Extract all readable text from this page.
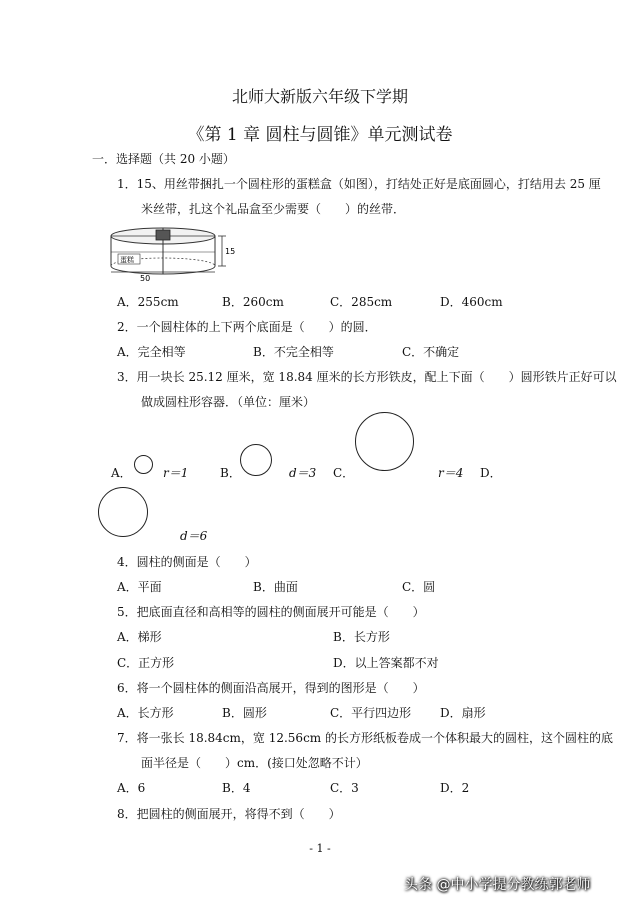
北师大新版六年级下学期
《第 1 章 圆柱与圆锥》单元测试卷
一．选择题（共 20 小题）
1．15、用丝带捆扎一个圆柱形的蛋糕盒（如图），打结处正好是底面圆心，打结用去 25 厘
米丝带，扎这个礼品盒至少需要（　　）的丝带．
蛋糕
15
50
A．255cm	B．260cm	C．285cm	D．460cm
2．一个圆柱体的上下两个底面是（　　）的圆．
A．完全相等	B．不完全相等	C．不确定
3．用一块长 25.12 厘米，宽 18.84 厘米的长方形铁皮，配上下面（　　）圆形铁片正好可以
做成圆柱形容器．（单位：厘米）
A．	r＝1	B．	d＝3 C．	r＝4 D．
d＝6
4．圆柱的侧面是（　　）
A．平面	B．曲面	C．圆
5．把底面直径和高相等的圆柱的侧面展开可能是（　　）
A．梯形	B．长方形
C．正方形	D．以上答案都不对
6．将一个圆柱体的侧面沿高展开，得到的图形是（　　）
A．长方形	B．圆形	C．平行四边形 D．扇形
7．将一张长 18.84cm，宽 12.56cm 的长方形纸板卷成一个体积最大的圆柱，这个圆柱的底
面半径是（　　）cm．(接口处忽略不计）
A．6	B．4	C．3	D．2
8．把圆柱的侧面展开，将得不到（　　）
- 1 -
头条 @中小学提分教练郭老师
